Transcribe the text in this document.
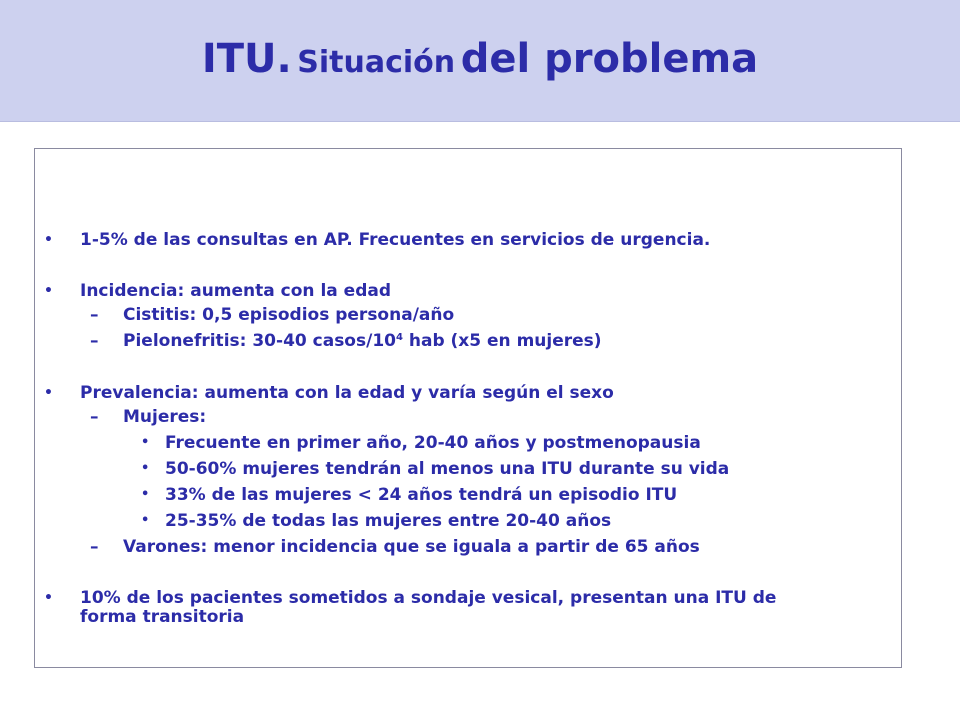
ITU. Situación del problema
• 1-5% de las consultas en AP. Frecuentes en servicios de urgencia.
• Incidencia: aumenta con la edad
– Cistitis: 0,5 episodios persona/año
– Pielonefritis: 30-40 casos/$10^4$ hab (x5 en mujeres)
• Prevalencia: aumenta con la edad y varía según el sexo
– Mujeres:
• Frecuente en primer año, 20-40 años y postmenopausia
• 50-60% mujeres tendrán al menos una ITU durante su vida
• 33% de las mujeres < 24 años tendrá un episodio ITU
• 25-35% de todas las mujeres entre 20-40 años
– Varones: menor incidencia que se iguala a partir de 65 años
• 10% de los pacientes sometidos a sondaje vesical, presentan una ITU de
forma transitoria
